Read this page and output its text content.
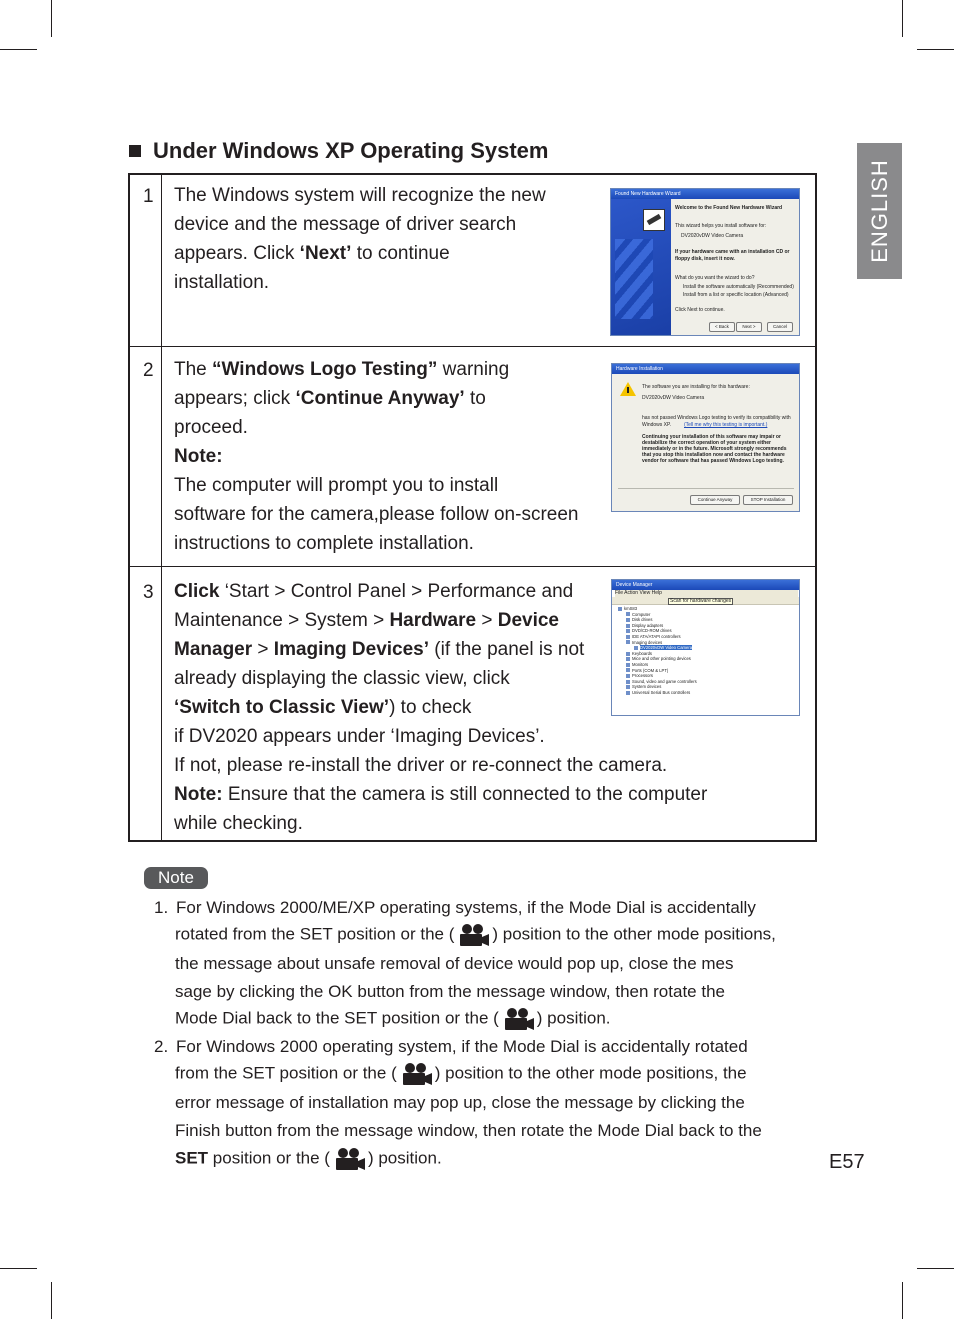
ENGLISH
Under Windows XP Operating System
1 The Windows system will recognize the new
device and the message of driver search
appears. Click ‘Next’ to continue
installation.
Found New Hardware Wizard
Welcome to the Found New Hardware Wizard
This wizard helps you install software for:
DV2020vDW Video Camera
If your hardware came with an installation CD or floppy disk, insert it now.
What do you want the wizard to do?
Install the software automatically (Recommended)
Install from a list or specific location (Advanced)
Click Next to continue.
< Back	Next >	Cancel
2 The “Windows Logo Testing” warning
appears; click ‘Continue Anyway’ to
proceed.
Note:
The computer will prompt you to install
software for the camera,please follow on-screen
instructions to complete installation.
Hardware Installation
The software you are installing for this hardware:
DV2020vDW Video Camera
has not passed Windows Logo testing to verify its compatibility with Windows XP.	(Tell me why this testing is important.)
Continuing your installation of this software may impair or destabilize the correct operation of your system either immediately or in the future. Microsoft strongly recommends that you stop this installation now and contact the hardware vendor for software that has passed Windows Logo testing.
Continue Anyway	STOP Installation
3 Click ‘Start > Control Panel > Performance and
Maintenance > System > Hardware > Device
Manager > Imaging Devices’ (if the panel is not
already displaying the classic view, click
‘Switch to Classic View’) to check
if DV2020 appears under ‘Imaging Devices’.
If not, please re-install the driver or re-connect the camera.
Note: Ensure that the camera is still connected to the computer
while checking.
Device Manager
File Action View Help
Scan for hardware changes
kmS83
Computer
Disk drives
Display adapters
DVD/CD-ROM drives
IDE ATA/ATAPI controllers
Imaging devices
DV2020vDW Video Camera
Keyboards
Mice and other pointing devices
Monitors
Ports (COM & LPT)
Processors
Sound, video and game controllers
System devices
Universal Serial Bus controllers
Note
1. For Windows 2000/ME/XP operating systems, if the Mode Dial is accidentally
rotated from the SET position or the ( ) position to the other mode positions,
the message about unsafe removal of device would pop up, close the mes
sage by clicking the OK button from the message window, then rotate the
Mode Dial back to the SET position or the ( ) position.
2. For Windows 2000 operating system, if the Mode Dial is accidentally rotated
from the SET position or the ( ) position to the other mode positions, the
error message of installation may pop up, close the message by clicking the
Finish button from the message window, then rotate the Mode Dial back to the
SET position or the ( ) position.	E57
